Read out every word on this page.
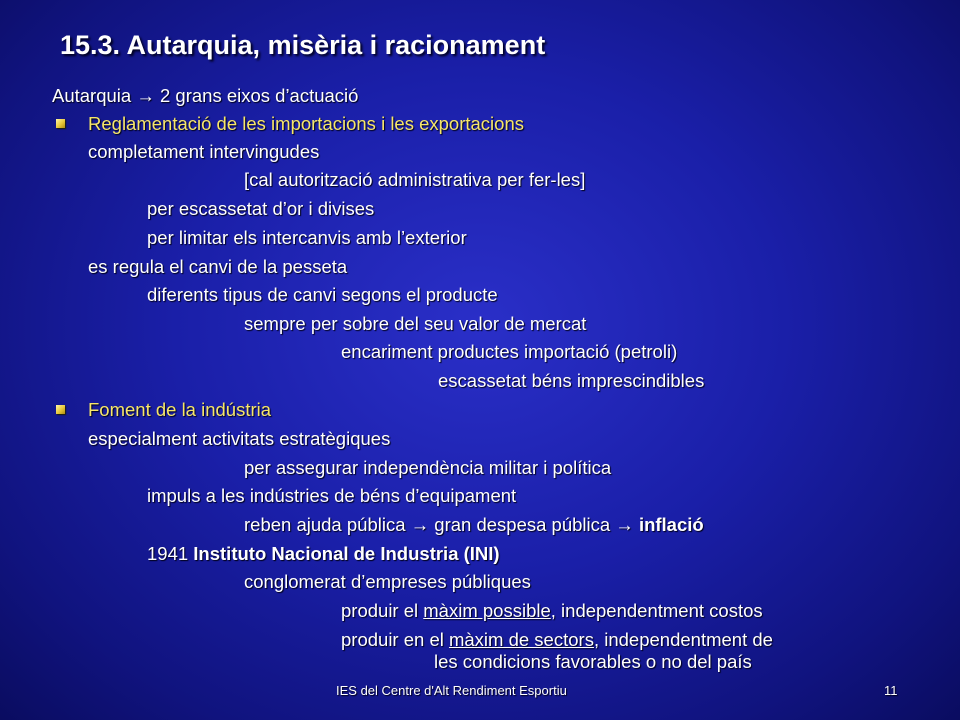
15.3. Autarquia, misèria i racionament
Autarquia → 2 grans eixos d’actuació
Reglamentació de les importacions i les exportacions
completament intervingudes
[cal autorització administrativa per fer-les]
per escassetat d’or i divises
per limitar els intercanvis amb l’exterior
es regula el canvi de la pesseta
diferents tipus de canvi segons el producte
sempre per sobre del seu valor de mercat
encariment productes importació (petroli)
escassetat béns imprescindibles
Foment de la indústria
especialment activitats estratègiques
per assegurar independència militar i política
impuls a les indústries de béns d’equipament
reben ajuda pública → gran despesa pública → inflació
1941 Instituto Nacional de Industria (INI)
conglomerat d’empreses públiques
produir el màxim possible, independentment costos
produir en el màxim de sectors, independentment de
les condicions favorables o no del país
IES del Centre d'Alt Rendiment Esportiu	11
